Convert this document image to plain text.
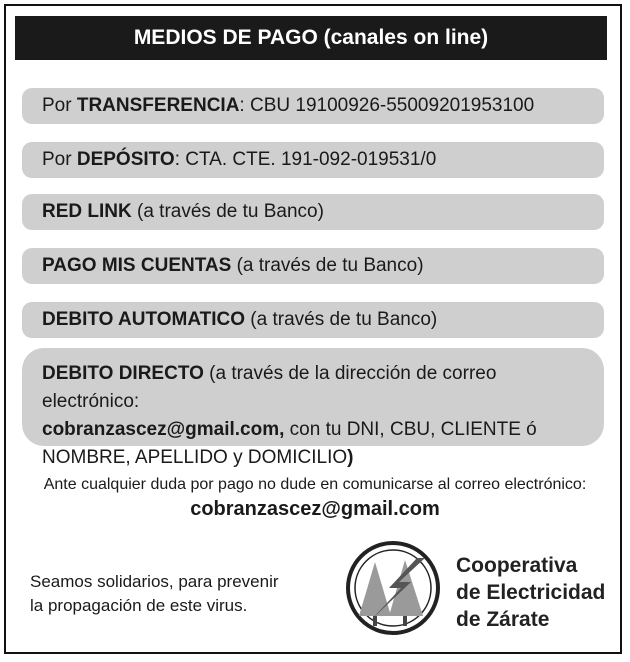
MEDIOS DE PAGO (canales on line)
Por TRANSFERENCIA: CBU 19100926-55009201953100
Por DEPÓSITO: CTA. CTE. 191-092-019531/0
RED LINK (a través de tu Banco)
PAGO MIS CUENTAS (a través de tu Banco)
DEBITO AUTOMATICO (a través de tu Banco)
DEBITO DIRECTO (a través de la dirección de correo electrónico:
cobranzascez@gmail.com, con tu DNI, CBU, CLIENTE ó
NOMBRE, APELLIDO y DOMICILIO)
Ante cualquier duda por pago no dude en comunicarse al correo electrónico:
cobranzascez@gmail.com
Seamos solidarios, para prevenir
la propagación de este virus.
Cooperativa
de Electricidad
de Zárate
